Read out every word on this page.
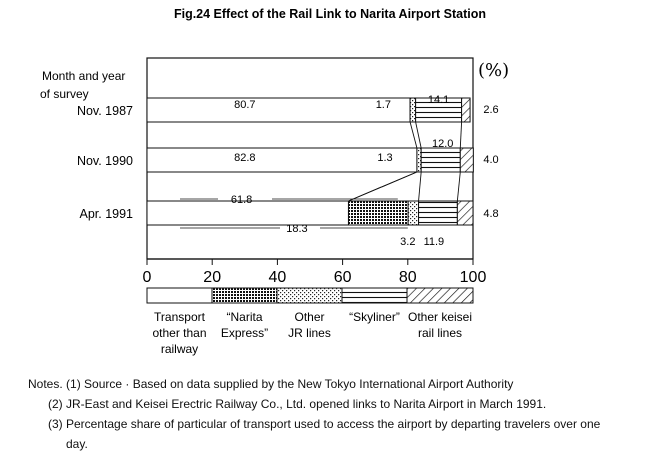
Fig.24 Effect of the Rail Link to Narita Airport Station
Month and year
of survey
(%)
Nov. 1987
Nov. 1990
Apr. 1991
80.7	1.7	14.1
2.6
82.8	1.3
12.0
4.0
61.8
18.3
3.2 11.9
4.8
0	20	40	60	80	100
Transport
other than
railway
“Narita
Express”
Other
JR lines
“Skyliner” Other keisei
rail lines
Notes. (1) Source · Based on data supplied by the New Tokyo International Airport Authority
(2) JR-East and Keisei Erectric Railway Co., Ltd. opened links to Narita Airport in March 1991.
(3) Percentage share of particular of transport used to access the airport by departing travelers over one
day.
